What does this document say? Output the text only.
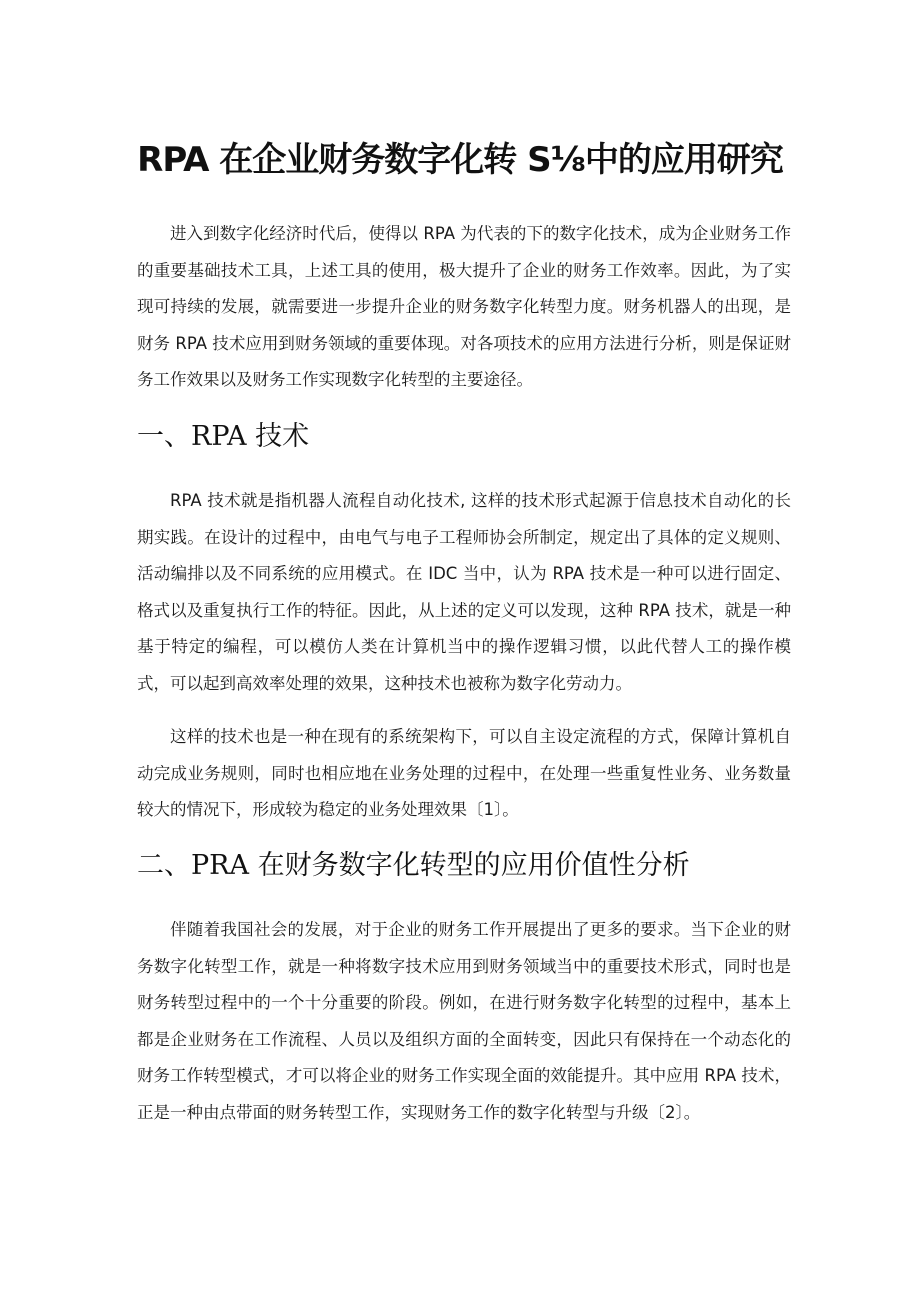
RPA 在企业财务数字化转 S⅛中的应用研究

进入到数字化经济时代后，使得以 RPA 为代表的下的数字化技术，成为企业财务工作的重要基础技术工具，上述工具的使用，极大提升了企业的财务工作效率。因此，为了实现可持续的发展，就需要进一步提升企业的财务数字化转型力度。财务机器人的出现，是财务 RPA 技术应用到财务领域的重要体现。对各项技术的应用方法进行分析，则是保证财务工作效果以及财务工作实现数字化转型的主要途径。

一、RPA 技术

RPA 技术就是指机器人流程自动化技术, 这样的技术形式起源于信息技术自动化的长期实践。在设计的过程中，由电气与电子工程师协会所制定，规定出了具体的定义规则、活动编排以及不同系统的应用模式。在 IDC 当中，认为 RPA 技术是一种可以进行固定、格式以及重复执行工作的特征。因此，从上述的定义可以发现，这种 RPA 技术，就是一种基于特定的编程，可以模仿人类在计算机当中的操作逻辑习惯，以此代替人工的操作模式，可以起到高效率处理的效果，这种技术也被称为数字化劳动力。

这样的技术也是一种在现有的系统架构下，可以自主设定流程的方式，保障计算机自动完成业务规则，同时也相应地在业务处理的过程中，在处理一些重复性业务、业务数量较大的情况下，形成较为稳定的业务处理效果〔1〕。

二、PRA 在财务数字化转型的应用价值性分析

伴随着我国社会的发展，对于企业的财务工作开展提出了更多的要求。当下企业的财务数字化转型工作，就是一种将数字技术应用到财务领域当中的重要技术形式，同时也是财务转型过程中的一个十分重要的阶段。例如，在进行财务数字化转型的过程中，基本上都是企业财务在工作流程、人员以及组织方面的全面转变，因此只有保持在一个动态化的财务工作转型模式，才可以将企业的财务工作实现全面的效能提升。其中应用 RPA 技术，正是一种由点带面的财务转型工作，实现财务工作的数字化转型与升级〔2〕。
